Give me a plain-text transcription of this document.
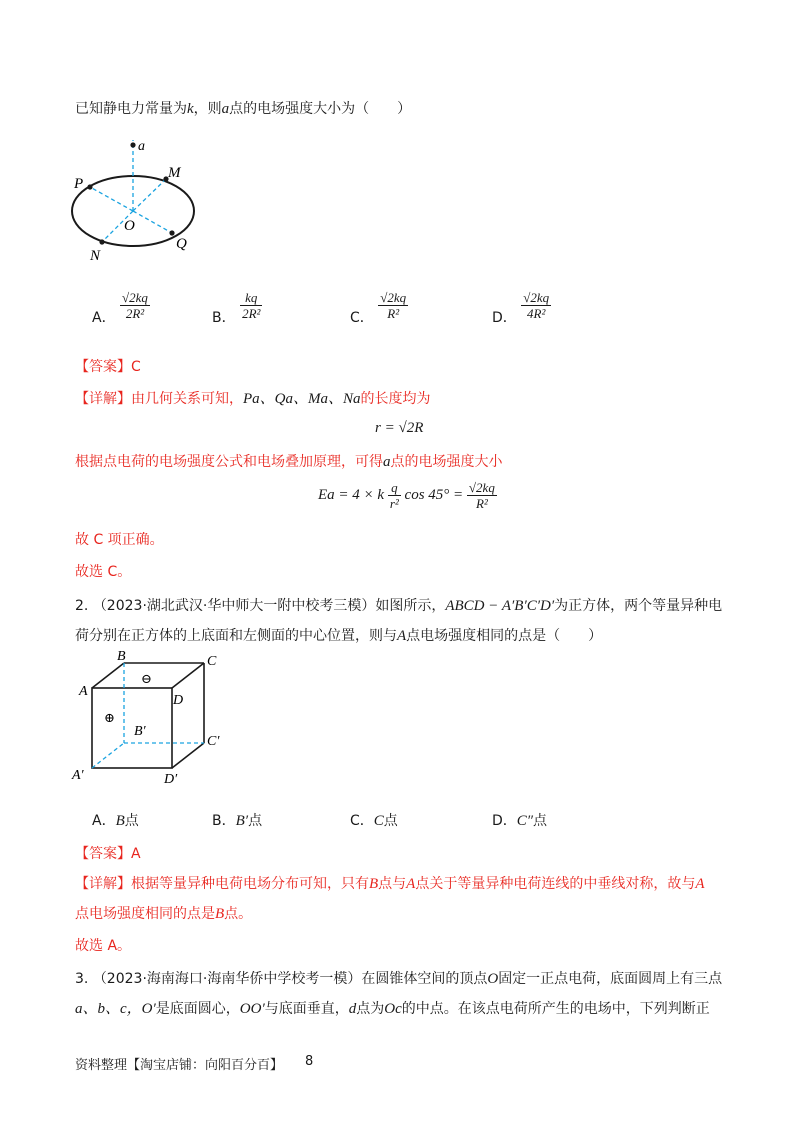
已知静电力常量为k，则a点的电场强度大小为（　　）
a
P
M
O
N
Q
A． $\frac{√2kq}{\text{2R²}}$	B． $\frac{kq}{\text{2R²}}$	C． $\frac{√2kq}{\text{R²}}$	D． $\frac{√2kq}{\text{4R²}}$
【答案】C
【详解】由几何关系可知，Pa、Qa、Ma、Na的长度均为
r = √2R
根据点电荷的电场强度公式和电场叠加原理，可得a点的电场强度大小
Ea = 4 × k $\frac{q}{\text{r²}}$ $\cos 45^\circ = \frac{√2kq}{\text{R²}}$
故 C 项正确。
故选 C。
2. （2023·湖北武汉·华中师大一附中校考三模）如图所示，ABCD − A′B′C′D′为正方体，两个等量异种电
荷分别在正方体的上底面和左侧面的中心位置，则与A点电场强度相同的点是（　　）
B	C
A
D
B′
C′
A′	D′
⊖
⊕
A．B点	B．B′点	C．C点	D．C″点
【答案】A
【详解】根据等量异种电荷电场分布可知，只有B点与A点关于等量异种电荷连线的中垂线对称，故与A
点电场强度相同的点是B点。
故选 A。
3. （2023·海南海口·海南华侨中学校考一模）在圆锥体空间的顶点O固定一正点电荷，底面圆周上有三点
a、b、c，O′是底面圆心，OO′与底面垂直，d点为Oc的中点。在该点电荷所产生的电场中，下列判断正
资料整理【淘宝店铺：向阳百分百】 8
